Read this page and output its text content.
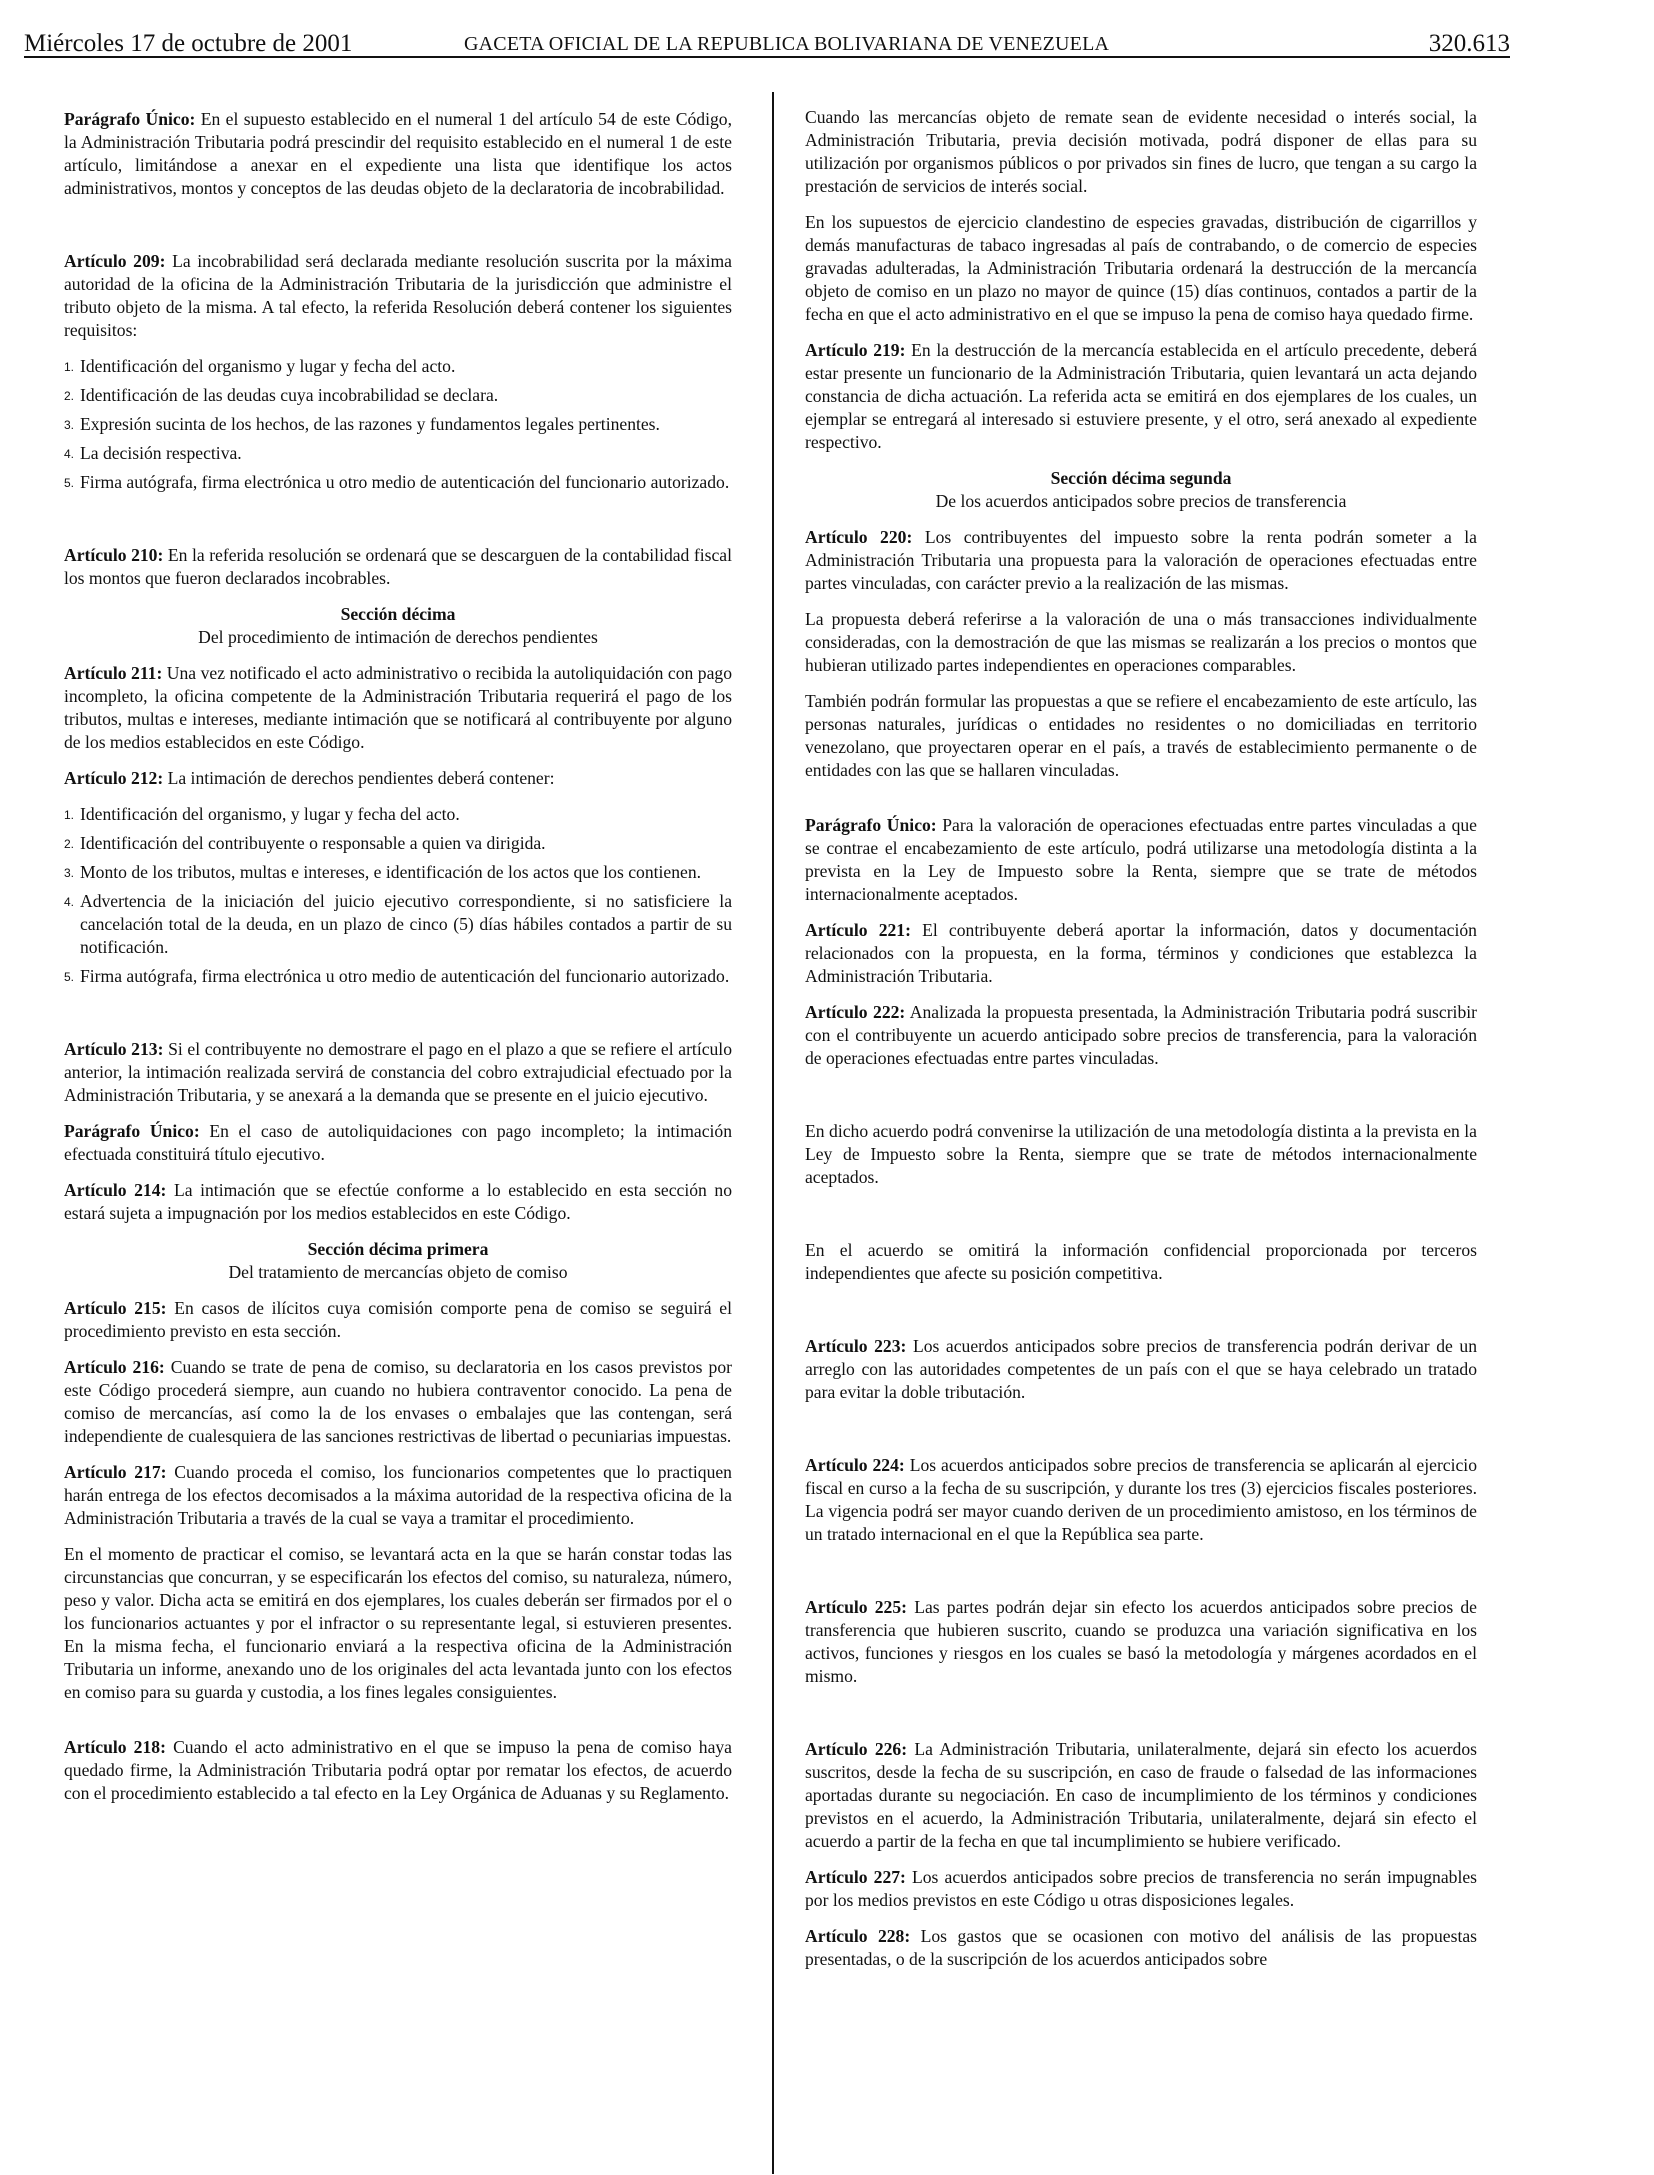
Miércoles 17 de octubre de 2001	GACETA OFICIAL DE LA REPUBLICA BOLIVARIANA DE VENEZUELA	320.613

Parágrafo Único: En el supuesto establecido en el numeral 1 del artículo 54 de este Código, la Administración Tributaria podrá prescindir del requisito establecido en el numeral 1 de este artículo, limitándose a anexar en el expediente una lista que identifique los actos administrativos, montos y conceptos de las deudas objeto de la declaratoria de incobrabilidad.

Artículo 209: La incobrabilidad será declarada mediante resolución suscrita por la máxima autoridad de la oficina de la Administración Tributaria de la jurisdicción que administre el tributo objeto de la misma. A tal efecto, la referida Resolución deberá contener los siguientes requisitos:

1. Identificación del organismo y lugar y fecha del acto.
2. Identificación de las deudas cuya incobrabilidad se declara.
3. Expresión sucinta de los hechos, de las razones y fundamentos legales pertinentes.
4. La decisión respectiva.
5. Firma autógrafa, firma electrónica u otro medio de autenticación del funcionario autorizado.

Artículo 210: En la referida resolución se ordenará que se descarguen de la contabilidad fiscal los montos que fueron declarados incobrables.

Sección décima
Del procedimiento de intimación de derechos pendientes

Artículo 211: Una vez notificado el acto administrativo o recibida la autoliquidación con pago incompleto, la oficina competente de la Administración Tributaria requerirá el pago de los tributos, multas e intereses, mediante intimación que se notificará al contribuyente por alguno de los medios establecidos en este Código.

Artículo 212: La intimación de derechos pendientes deberá contener:

1. Identificación del organismo, y lugar y fecha del acto.
2. Identificación del contribuyente o responsable a quien va dirigida.
3. Monto de los tributos, multas e intereses, e identificación de los actos que los contienen.
4. Advertencia de la iniciación del juicio ejecutivo correspondiente, si no satisficiere la cancelación total de la deuda, en un plazo de cinco (5) días hábiles contados a partir de su notificación.
5. Firma autógrafa, firma electrónica u otro medio de autenticación del funcionario autorizado.

Artículo 213: Si el contribuyente no demostrare el pago en el plazo a que se refiere el artículo anterior, la intimación realizada servirá de constancia del cobro extrajudicial efectuado por la Administración Tributaria, y se anexará a la demanda que se presente en el juicio ejecutivo.

Parágrafo Único: En el caso de autoliquidaciones con pago incompleto; la intimación efectuada constituirá título ejecutivo.

Artículo 214: La intimación que se efectúe conforme a lo establecido en esta sección no estará sujeta a impugnación por los medios establecidos en este Código.

Sección décima primera
Del tratamiento de mercancías objeto de comiso

Artículo 215: En casos de ilícitos cuya comisión comporte pena de comiso se seguirá el procedimiento previsto en esta sección.

Artículo 216: Cuando se trate de pena de comiso, su declaratoria en los casos previstos por este Código procederá siempre, aun cuando no hubiera contraventor conocido. La pena de comiso de mercancías, así como la de los envases o embalajes que las contengan, será independiente de cualesquiera de las sanciones restrictivas de libertad o pecuniarias impuestas.

Artículo 217: Cuando proceda el comiso, los funcionarios competentes que lo practiquen harán entrega de los efectos decomisados a la máxima autoridad de la respectiva oficina de la Administración Tributaria a través de la cual se vaya a tramitar el procedimiento.

En el momento de practicar el comiso, se levantará acta en la que se harán constar todas las circunstancias que concurran, y se especificarán los efectos del comiso, su naturaleza, número, peso y valor. Dicha acta se emitirá en dos ejemplares, los cuales deberán ser firmados por el o los funcionarios actuantes y por el infractor o su representante legal, si estuvieren presentes. En la misma fecha, el funcionario enviará a la respectiva oficina de la Administración Tributaria un informe, anexando uno de los originales del acta levantada junto con los efectos en comiso para su guarda y custodia, a los fines legales consiguientes.

Artículo 218: Cuando el acto administrativo en el que se impuso la pena de comiso haya quedado firme, la Administración Tributaria podrá optar por rematar los efectos, de acuerdo con el procedimiento establecido a tal efecto en la Ley Orgánica de Aduanas y su Reglamento.

Cuando las mercancías objeto de remate sean de evidente necesidad o interés social, la Administración Tributaria, previa decisión motivada, podrá disponer de ellas para su utilización por organismos públicos o por privados sin fines de lucro, que tengan a su cargo la prestación de servicios de interés social.

En los supuestos de ejercicio clandestino de especies gravadas, distribución de cigarrillos y demás manufacturas de tabaco ingresadas al país de contrabando, o de comercio de especies gravadas adulteradas, la Administración Tributaria ordenará la destrucción de la mercancía objeto de comiso en un plazo no mayor de quince (15) días continuos, contados a partir de la fecha en que el acto administrativo en el que se impuso la pena de comiso haya quedado firme.

Artículo 219: En la destrucción de la mercancía establecida en el artículo precedente, deberá estar presente un funcionario de la Administración Tributaria, quien levantará un acta dejando constancia de dicha actuación. La referida acta se emitirá en dos ejemplares de los cuales, un ejemplar se entregará al interesado si estuviere presente, y el otro, será anexado al expediente respectivo.

Sección décima segunda
De los acuerdos anticipados sobre precios de transferencia

Artículo 220: Los contribuyentes del impuesto sobre la renta podrán someter a la Administración Tributaria una propuesta para la valoración de operaciones efectuadas entre partes vinculadas, con carácter previo a la realización de las mismas.

La propuesta deberá referirse a la valoración de una o más transacciones individualmente consideradas, con la demostración de que las mismas se realizarán a los precios o montos que hubieran utilizado partes independientes en operaciones comparables.

También podrán formular las propuestas a que se refiere el encabezamiento de este artículo, las personas naturales, jurídicas o entidades no residentes o no domiciliadas en territorio venezolano, que proyectaren operar en el país, a través de establecimiento permanente o de entidades con las que se hallaren vinculadas.

Parágrafo Único: Para la valoración de operaciones efectuadas entre partes vinculadas a que se contrae el encabezamiento de este artículo, podrá utilizarse una metodología distinta a la prevista en la Ley de Impuesto sobre la Renta, siempre que se trate de métodos internacionalmente aceptados.

Artículo 221: El contribuyente deberá aportar la información, datos y documentación relacionados con la propuesta, en la forma, términos y condiciones que establezca la Administración Tributaria.

Artículo 222: Analizada la propuesta presentada, la Administración Tributaria podrá suscribir con el contribuyente un acuerdo anticipado sobre precios de transferencia, para la valoración de operaciones efectuadas entre partes vinculadas.

En dicho acuerdo podrá convenirse la utilización de una metodología distinta a la prevista en la Ley de Impuesto sobre la Renta, siempre que se trate de métodos internacionalmente aceptados.

En el acuerdo se omitirá la información confidencial proporcionada por terceros independientes que afecte su posición competitiva.

Artículo 223: Los acuerdos anticipados sobre precios de transferencia podrán derivar de un arreglo con las autoridades competentes de un país con el que se haya celebrado un tratado para evitar la doble tributación.

Artículo 224: Los acuerdos anticipados sobre precios de transferencia se aplicarán al ejercicio fiscal en curso a la fecha de su suscripción, y durante los tres (3) ejercicios fiscales posteriores. La vigencia podrá ser mayor cuando deriven de un procedimiento amistoso, en los términos de un tratado internacional en el que la República sea parte.

Artículo 225: Las partes podrán dejar sin efecto los acuerdos anticipados sobre precios de transferencia que hubieren suscrito, cuando se produzca una variación significativa en los activos, funciones y riesgos en los cuales se basó la metodología y márgenes acordados en el mismo.

Artículo 226: La Administración Tributaria, unilateralmente, dejará sin efecto los acuerdos suscritos, desde la fecha de su suscripción, en caso de fraude o falsedad de las informaciones aportadas durante su negociación. En caso de incumplimiento de los términos y condiciones previstos en el acuerdo, la Administración Tributaria, unilateralmente, dejará sin efecto el acuerdo a partir de la fecha en que tal incumplimiento se hubiere verificado.

Artículo 227: Los acuerdos anticipados sobre precios de transferencia no serán impugnables por los medios previstos en este Código u otras disposiciones legales.

Artículo 228: Los gastos que se ocasionen con motivo del análisis de las propuestas presentadas, o de la suscripción de los acuerdos anticipados sobre
